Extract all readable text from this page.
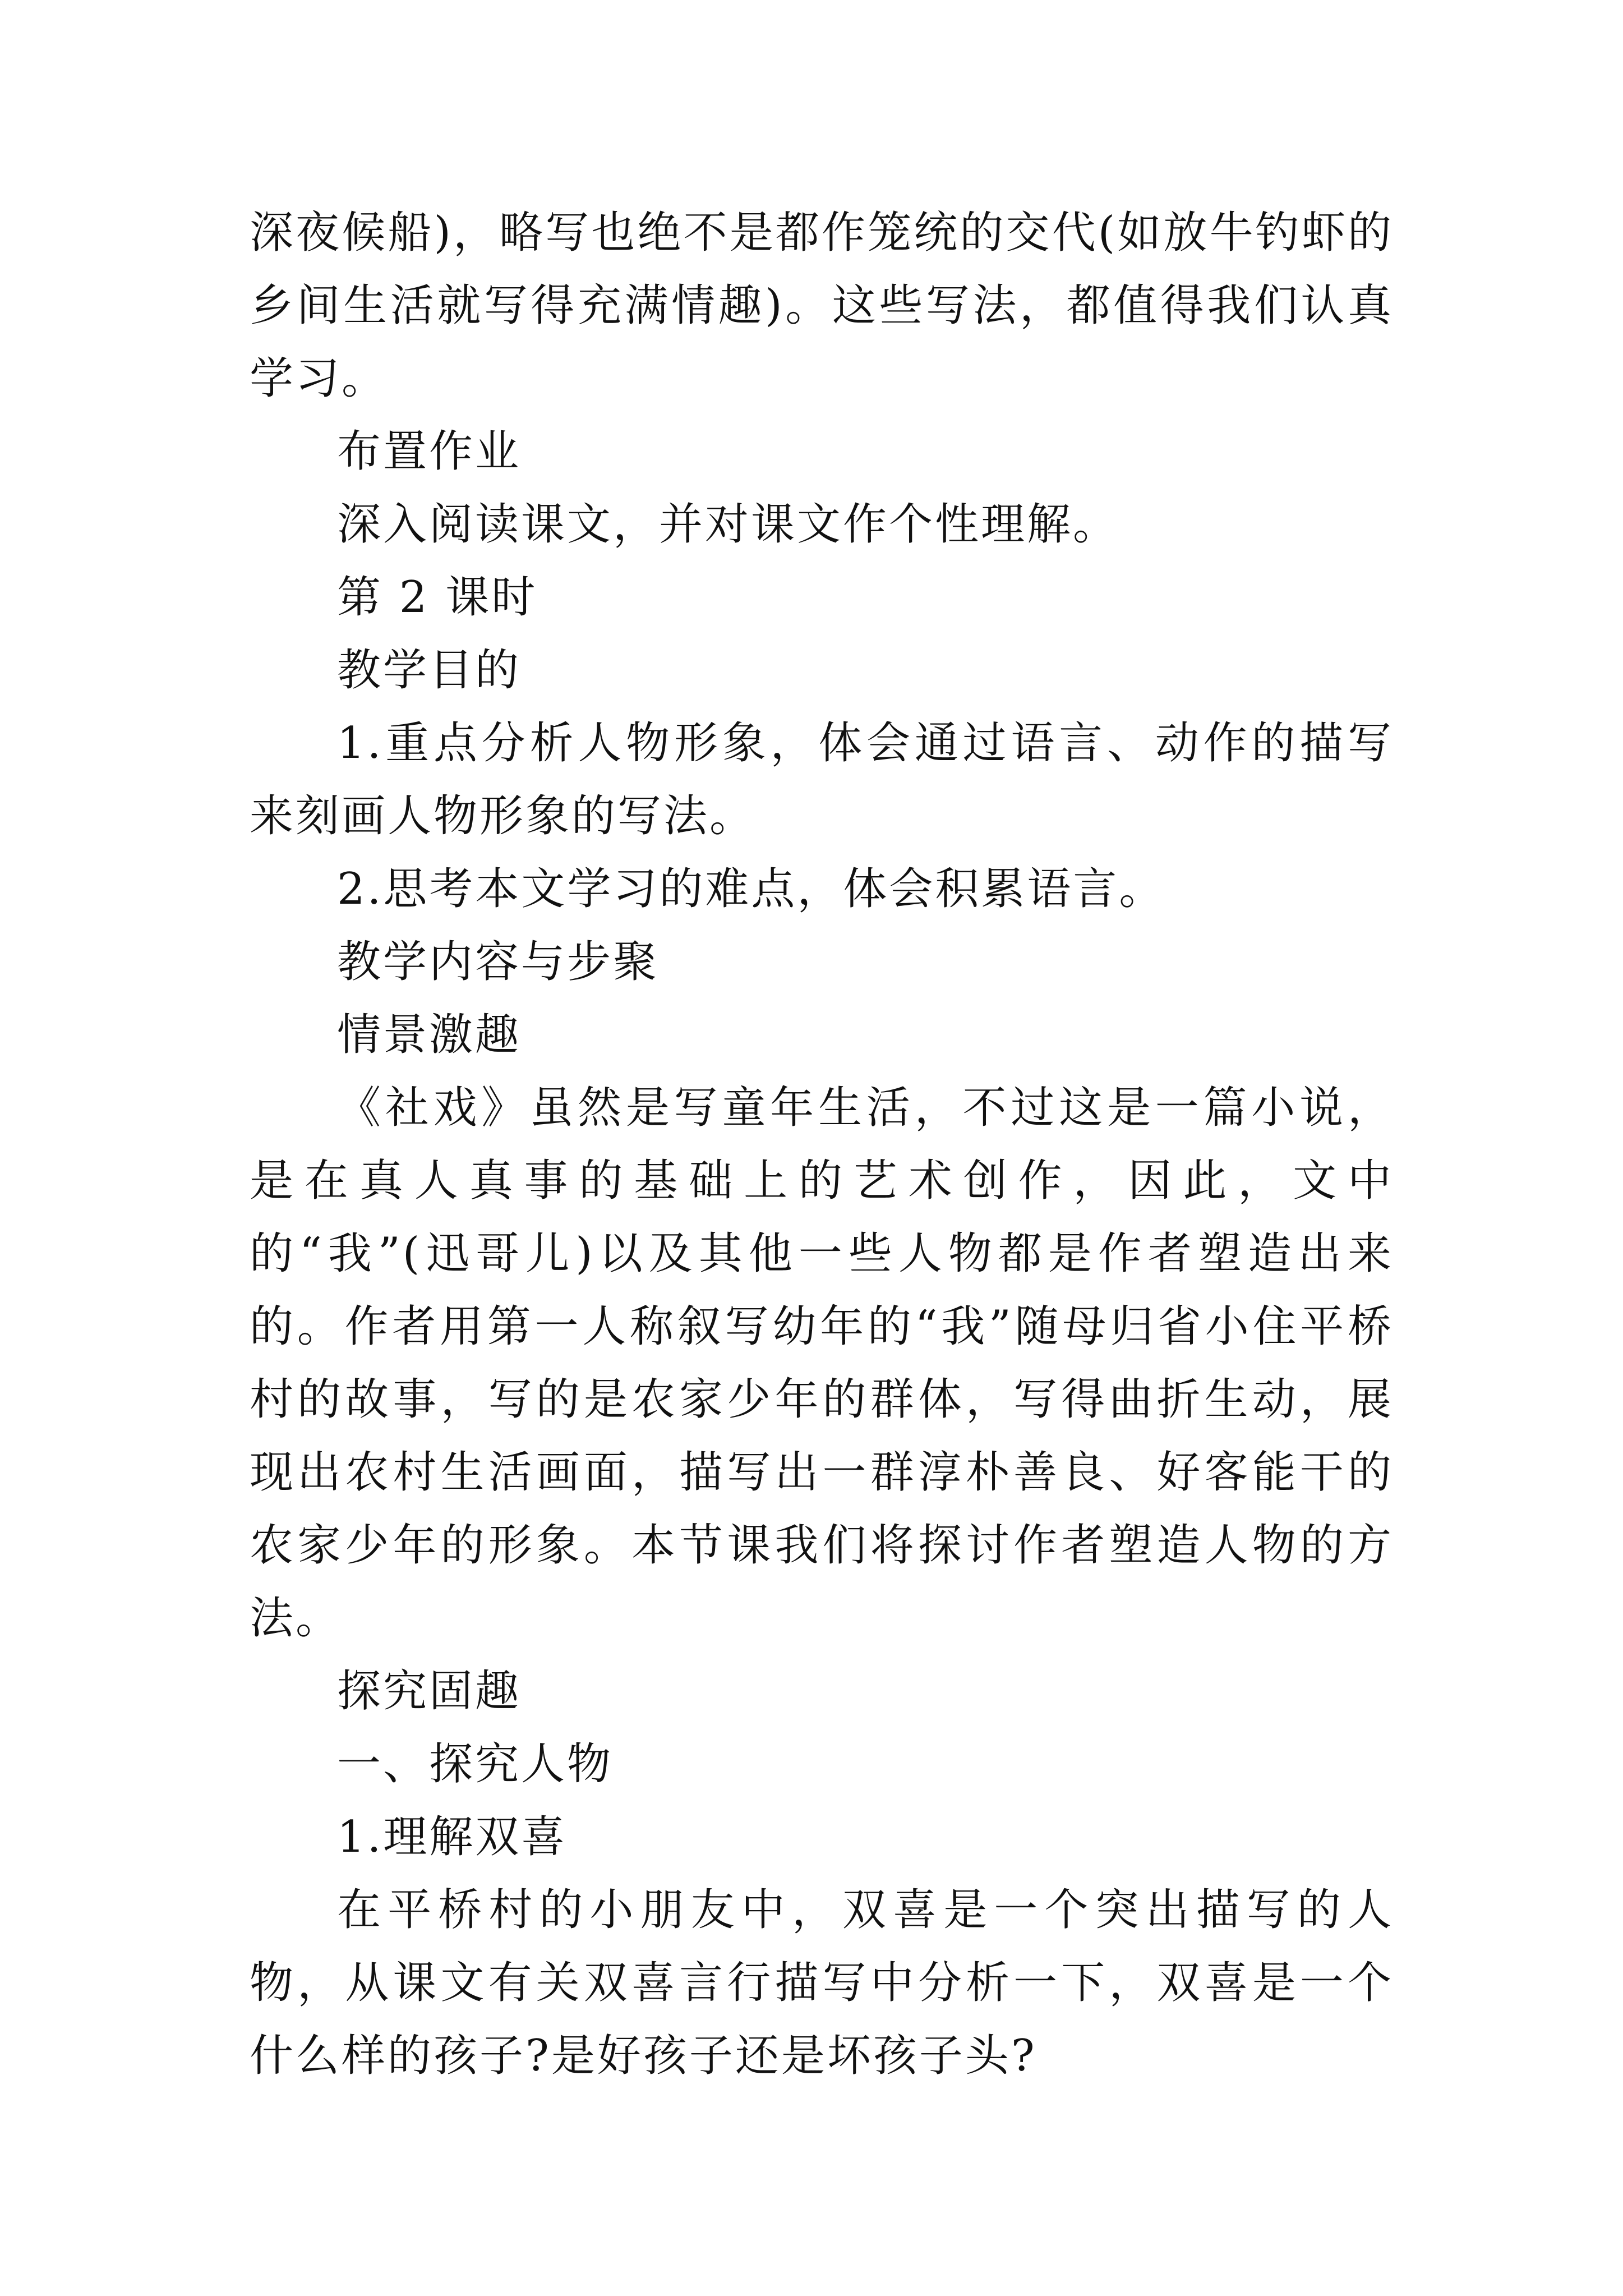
深夜候船)，略写也绝不是都作笼统的交代(如放牛钓虾的乡间生活就写得充满情趣)。这些写法，都值得我们认真学习。

布置作业

深入阅读课文，并对课文作个性理解。

第 2 课时

教学目的

1.重点分析人物形象，体会通过语言、动作的描写来刻画人物形象的写法。

2.思考本文学习的难点，体会积累语言。

教学内容与步聚

情景激趣

《社戏》虽然是写童年生活，不过这是一篇小说，是在真人真事的基础上的艺术创作，因此，文中的“我”(迅哥儿)以及其他一些人物都是作者塑造出来的。作者用第一人称叙写幼年的“我”随母归省小住平桥村的故事，写的是农家少年的群体，写得曲折生动，展现出农村生活画面，描写出一群淳朴善良、好客能干的农家少年的形象。本节课我们将探讨作者塑造人物的方法。

探究固趣

一、探究人物

1.理解双喜

在平桥村的小朋友中，双喜是一个突出描写的人物，从课文有关双喜言行描写中分析一下，双喜是一个什么样的孩子?是好孩子还是坏孩子头?
